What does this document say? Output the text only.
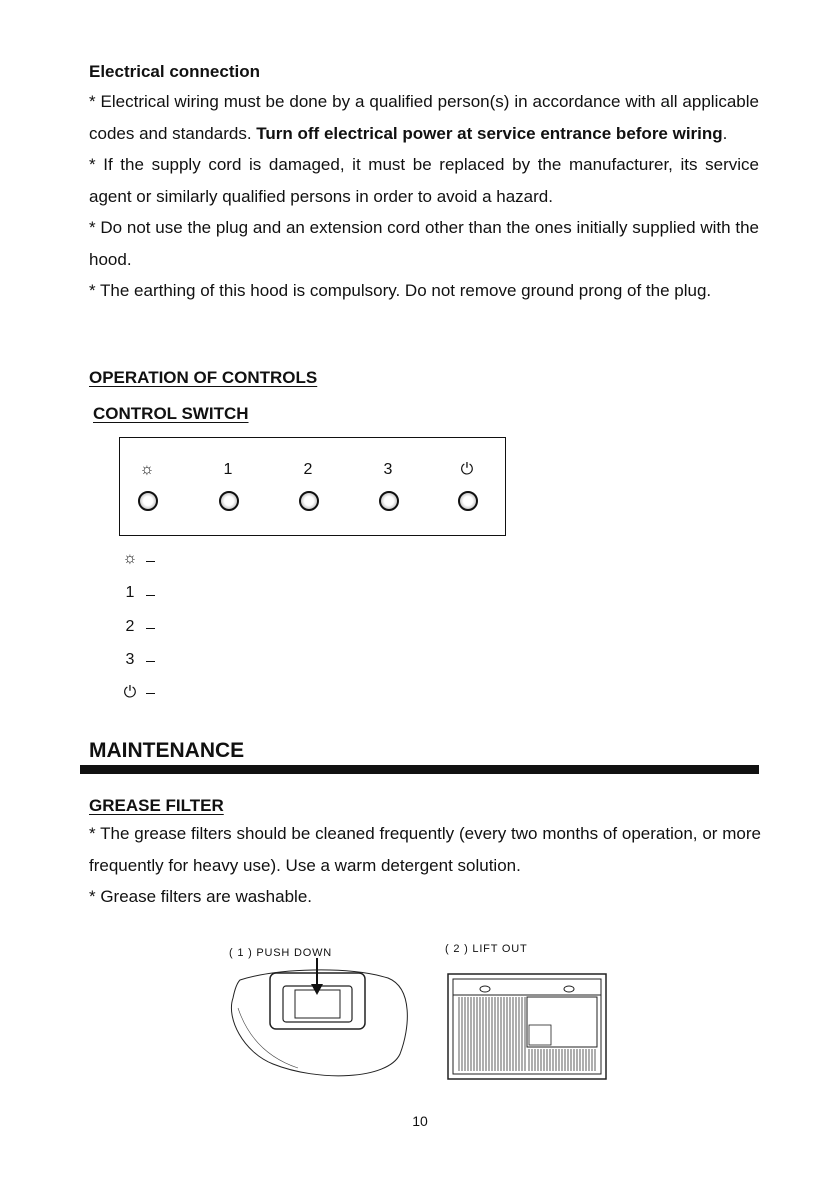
Electrical connection

* Electrical wiring must be done by a qualified person(s) in accordance with all applicable codes and standards. Turn off electrical power at service entrance before wiring.

* If the supply cord is damaged, it must be replaced by the manufacturer, its service agent or similarly qualified persons in order to avoid a hazard.

* Do not use the plug and an extension cord other than the ones initially supplied with the hood.

* The earthing of this hood is compulsory. Do not remove ground prong of the plug.

OPERATION OF CONTROLS
CONTROL SWITCH
☼	1	2	3	⏻
☼
1
2
3
⏻
MAINTENANCE
GREASE FILTER

* The grease filters should be cleaned frequently (every two months of operation, or more frequently for heavy use). Use a warm detergent solution.

* Grease filters are washable.

( 1 ) PUSH DOWN	( 2 ) LIFT OUT
10
